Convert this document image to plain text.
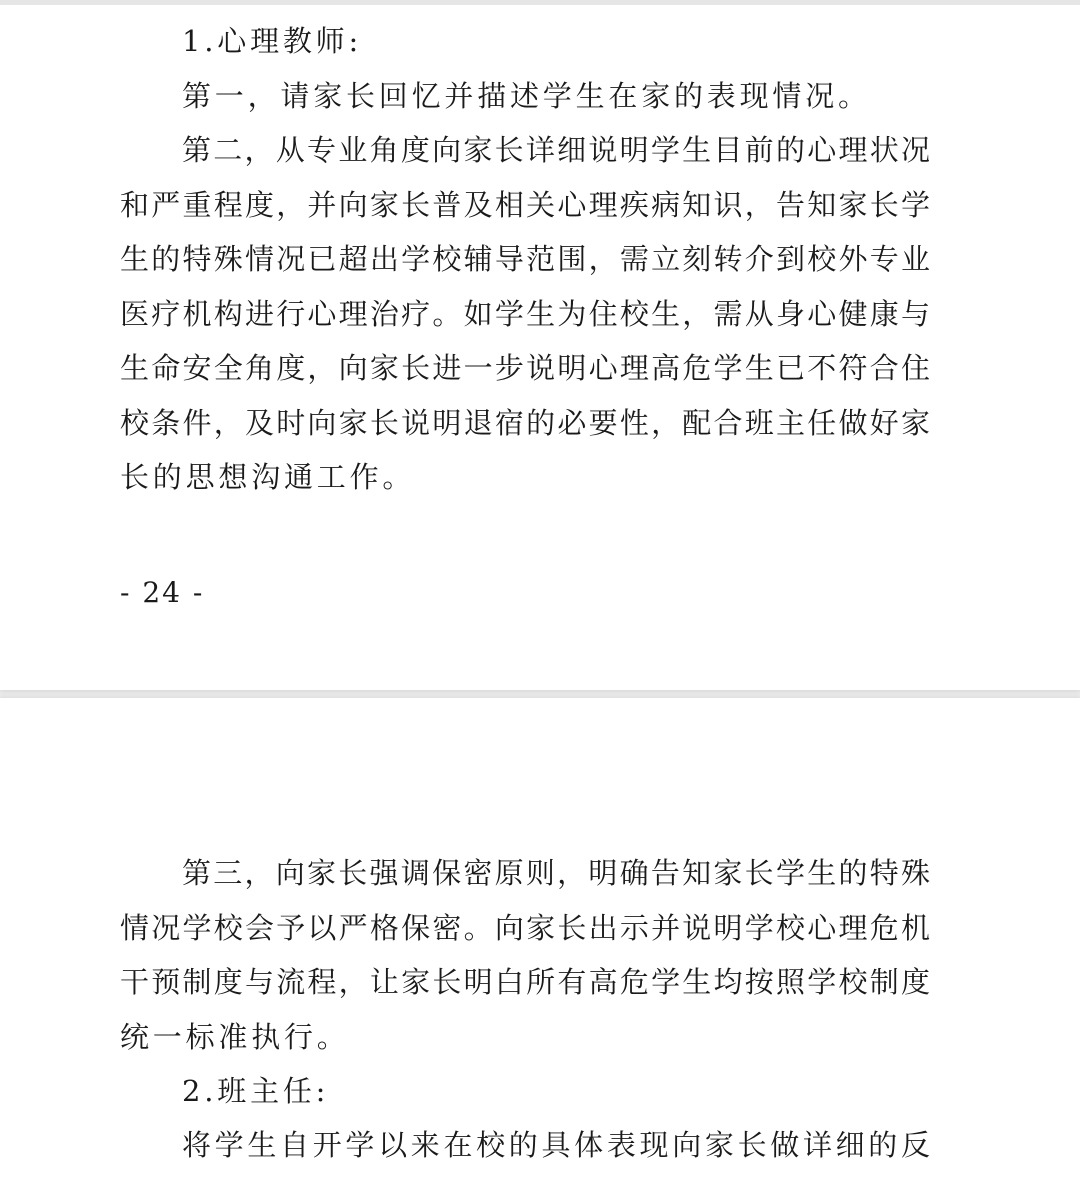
1.心理教师:
第一，请家长回忆并描述学生在家的表现情况。
第二，从专业角度向家长详细说明学生目前的心理状况
和严重程度，并向家长普及相关心理疾病知识，告知家长学
生的特殊情况已超出学校辅导范围，需立刻转介到校外专业
医疗机构进行心理治疗。如学生为住校生，需从身心健康与
生命安全角度，向家长进一步说明心理高危学生已不符合住
校条件，及时向家长说明退宿的必要性，配合班主任做好家
长的思想沟通工作。
- 24 -
第三，向家长强调保密原则，明确告知家长学生的特殊
情况学校会予以严格保密。向家长出示并说明学校心理危机
干预制度与流程，让家长明白所有高危学生均按照学校制度
统一标准执行。
2.班主任:
将学生自开学以来在校的具体表现向家长做详细的反
